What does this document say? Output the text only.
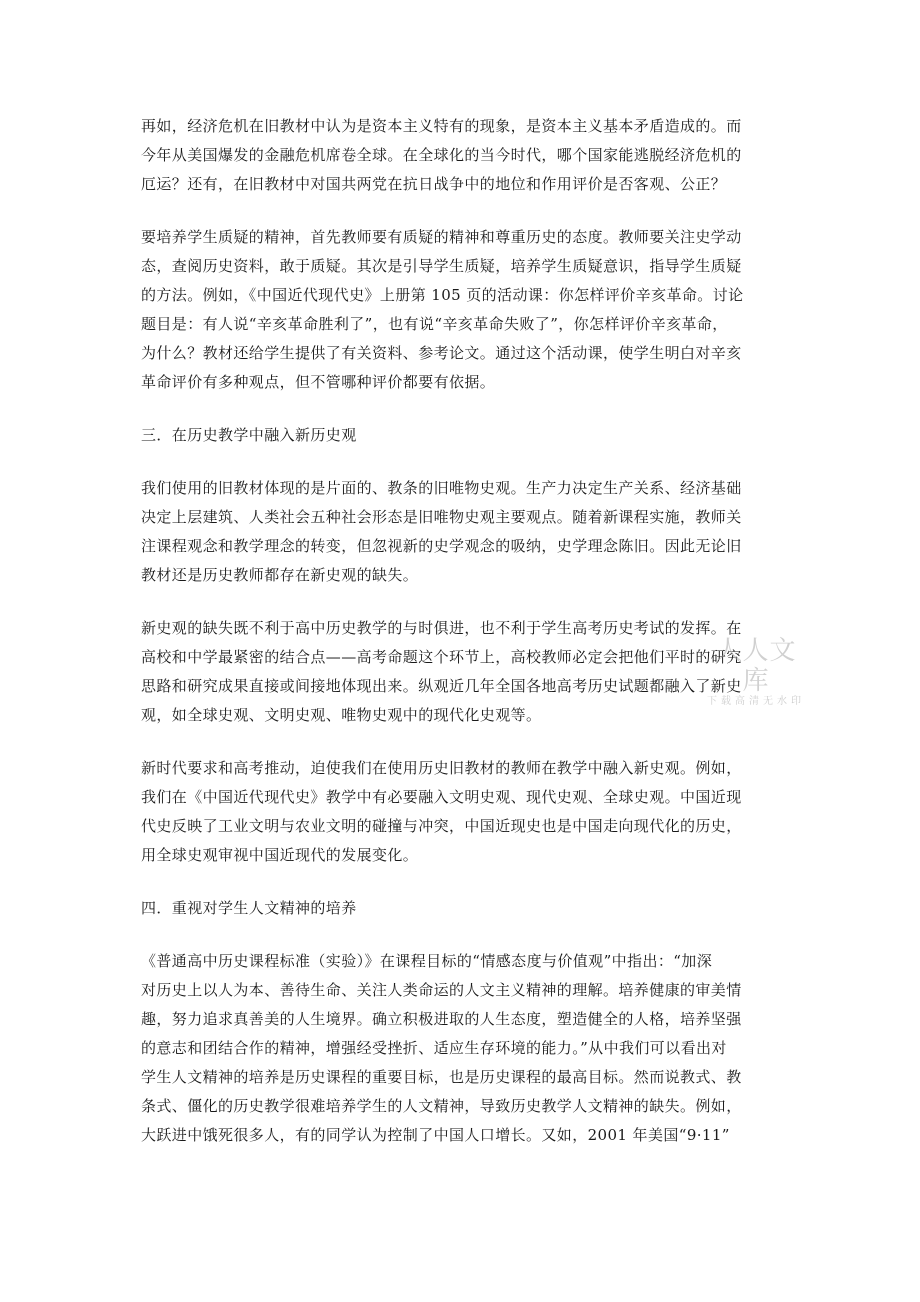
再如，经济危机在旧教材中认为是资本主义特有的现象，是资本主义基本矛盾造成的。而
今年从美国爆发的金融危机席卷全球。在全球化的当今时代，哪个国家能逃脱经济危机的
厄运？还有，在旧教材中对国共两党在抗日战争中的地位和作用评价是否客观、公正？

要培养学生质疑的精神，首先教师要有质疑的精神和尊重历史的态度。教师要关注史学动
态，查阅历史资料，敢于质疑。其次是引导学生质疑，培养学生质疑意识，指导学生质疑
的方法。例如，《中国近代现代史》上册第 105 页的活动课：你怎样评价辛亥革命。讨论
题目是：有人说“辛亥革命胜利了”，也有说“辛亥革命失败了”，你怎样评价辛亥革命，
为什么？教材还给学生提供了有关资料、参考论文。通过这个活动课，使学生明白对辛亥
革命评价有多种观点，但不管哪种评价都要有依据。

三．在历史教学中融入新历史观

我们使用的旧教材体现的是片面的、教条的旧唯物史观。生产力决定生产关系、经济基础
决定上层建筑、人类社会五种社会形态是旧唯物史观主要观点。随着新课程实施，教师关
注课程观念和教学理念的转变，但忽视新的史学观念的吸纳，史学理念陈旧。因此无论旧
教材还是历史教师都存在新史观的缺失。

新史观的缺失既不利于高中历史教学的与时俱进，也不利于学生高考历史考试的发挥。在
高校和中学最紧密的结合点——高考命题这个环节上，高校教师必定会把他们平时的研究
思路和研究成果直接或间接地体现出来。纵观近几年全国各地高考历史试题都融入了新史
观，如全球史观、文明史观、唯物史观中的现代化史观等。

新时代要求和高考推动，迫使我们在使用历史旧教材的教师在教学中融入新史观。例如，
我们在《中国近代现代史》教学中有必要融入文明史观、现代史观、全球史观。中国近现
代史反映了工业文明与农业文明的碰撞与冲突，中国近现史也是中国走向现代化的历史，
用全球史观审视中国近现代的发展变化。

四．重视对学生人文精神的培养

《普通高中历史课程标准（实验）》在课程目标的“情感态度与价值观”中指出：“加深
对历史上以人为本、善待生命、关注人类命运的人文主义精神的理解。培养健康的审美情
趣，努力追求真善美的人生境界。确立积极进取的人生态度，塑造健全的人格，培养坚强
的意志和团结合作的精神，增强经受挫折、适应生存环境的能力。”从中我们可以看出对
学生人文精神的培养是历史课程的重要目标，也是历史课程的最高目标。然而说教式、教
条式、僵化的历史教学很难培养学生的人文精神，导致历史教学人文精神的缺失。例如，
大跃进中饿死很多人，有的同学认为控制了中国人口增长。又如，2001 年美国“9·11”

人人文库
下载高清无水印
